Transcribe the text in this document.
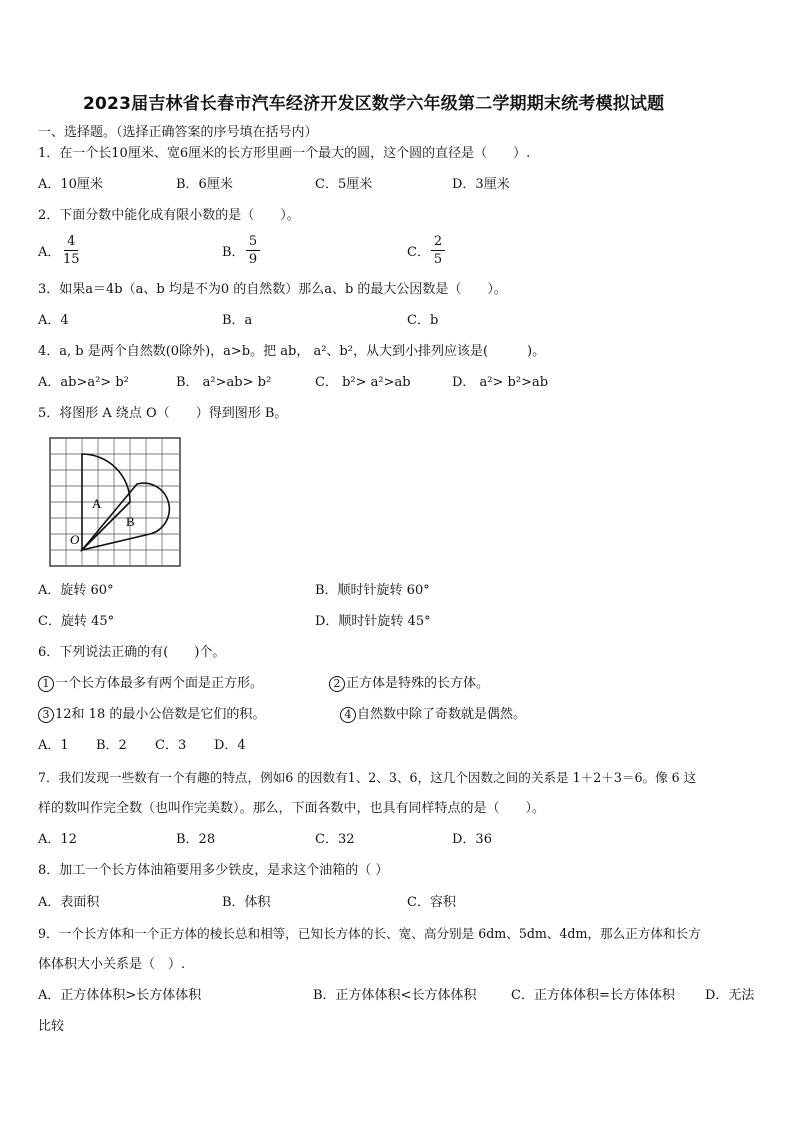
2023届吉林省长春市汽车经济开发区数学六年级第二学期期末统考模拟试题
一、选择题。（选择正确答案的序号填在括号内）
1．在一个长10厘米、宽6厘米的长方形里画一个最大的圆，这个圆的直径是（　　）.
A．10厘米	B．6厘米	C．5厘米	D．3厘米
2．下面分数中能化成有限小数的是（　　）。
A．
4
15	B．
5
9	C．
2
5
3．如果a＝4b（a、b 均是不为0 的自然数）那么a、b 的最大公因数是（　　）。
A．4	B．a	C．b
4．a, b 是两个自然数(0除外)，a>b。把 ab， a²、b²，从大到小排列应该是(　　　)。
A．ab>a²> b²	B． a²>ab> b²	C． b²> a²>ab	D． a²> b²>ab
5．将图形 A 绕点 O（　　）得到图形 B。
A
B
O
A．旋转 60°	B．顺时针旋转 60°
C．旋转 45°	D．顺时针旋转 45°
6．下列说法正确的有(　　)个。
1 一个长方体最多有两个面是正方形。	2 正方体是特殊的长方体。
3 12和 18 的最小公倍数是它们的积。	4 自然数中除了奇数就是偶然。
A．1 B．2 C．3 D．4
7．我们发现一些数有一个有趣的特点，例如6 的因数有1、2、3、6，这几个因数之间的关系是 1＋2＋3＝6。像 6 这
样的数叫作完全数（也叫作完美数）。那么，下面各数中，也具有同样特点的是（　　）。
A．12	B．28	C．32	D．36
8．加工一个长方体油箱要用多少铁皮，是求这个油箱的（ ）
A．表面积	B．体积	C．容积
9．一个长方体和一个正方体的棱长总和相等，已知长方体的长、宽、高分别是 6dm、5dm、4dm，那么正方体和长方
体体积大小关系是（　）.
A．正方体体积>长方体体积	B．正方体体积<长方体体积	C．正方体体积=长方体体积 D．无法
比较
